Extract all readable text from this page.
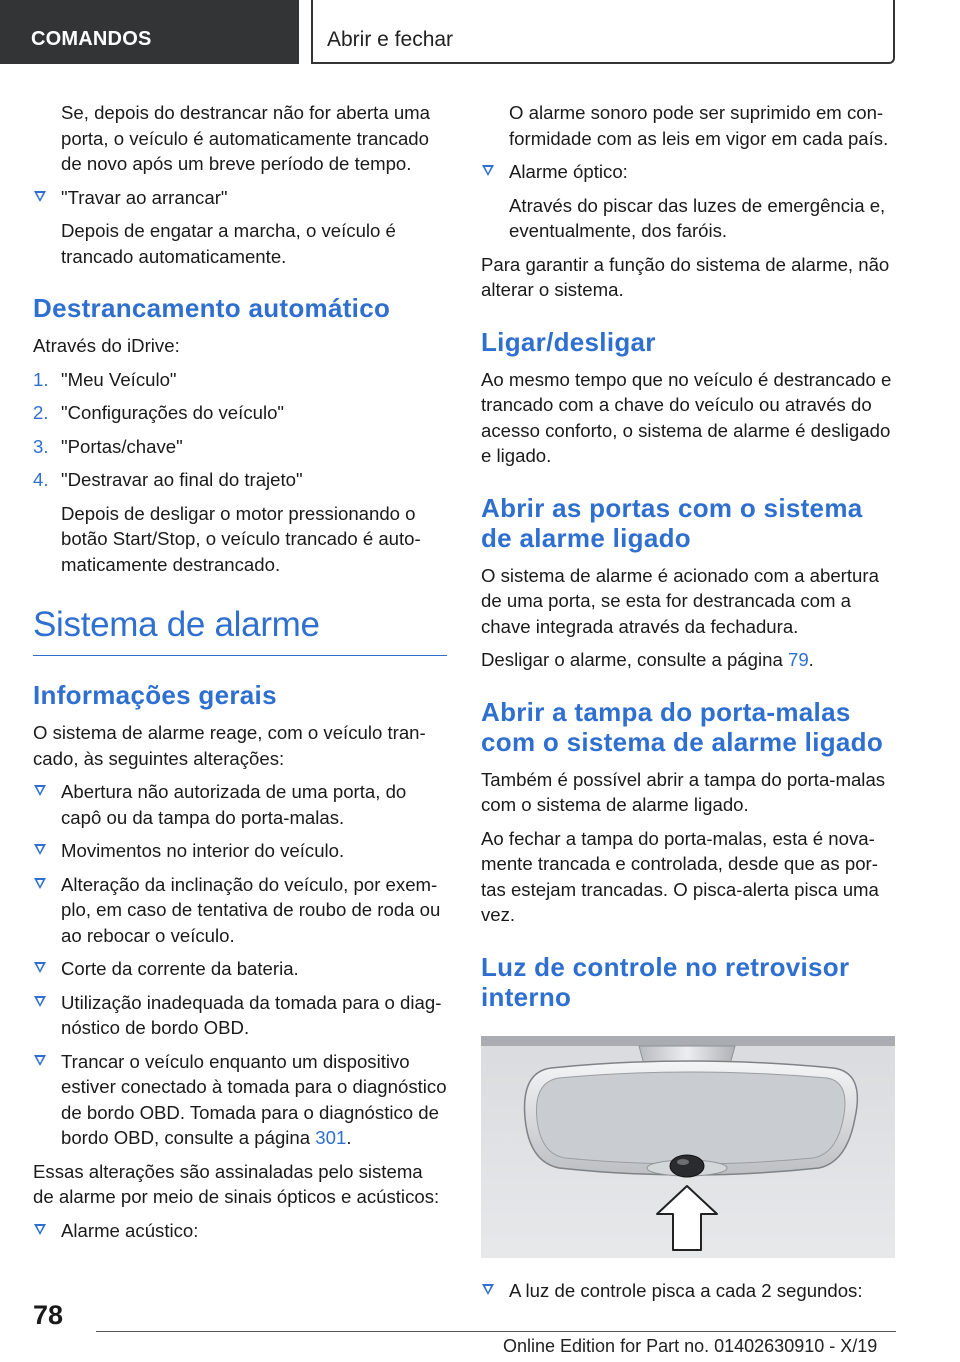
COMANDOS	Abrir e fechar

Se, depois do destrancar não for aberta uma porta, o veículo é automaticamente trancado de novo após um breve período de tempo.

"Travar ao arrancar"

Depois de engatar a marcha, o veículo é trancado automaticamente.

Destrancamento automático

Através do iDrive:

1. "Meu Veículo"
2. "Configurações do veículo"
3. "Portas/chave"
4. "Destravar ao final do trajeto"

Depois de desligar o motor pressionando o botão Start/Stop, o veículo trancado é automaticamente destrancado.

Sistema de alarme
Informações gerais

O sistema de alarme reage, com o veículo trancado, às seguintes alterações:

Abertura não autorizada de uma porta, do capô ou da tampa do porta-malas.
Movimentos no interior do veículo.
Alteração da inclinação do veículo, por exemplo, em caso de tentativa de roubo de roda ou ao rebocar o veículo.
Corte da corrente da bateria.
Utilização inadequada da tomada para o diagnóstico de bordo OBD.
Trancar o veículo enquanto um dispositivo estiver conectado à tomada para o diagnóstico de bordo OBD. Tomada para o diagnóstico de bordo OBD, consulte a página 301.

Essas alterações são assinaladas pelo sistema de alarme por meio de sinais ópticos e acústicos:

Alarme acústico:

O alarme sonoro pode ser suprimido em conformidade com as leis em vigor em cada país.

Alarme óptico:

Através do piscar das luzes de emergência e, eventualmente, dos faróis.

Para garantir a função do sistema de alarme, não alterar o sistema.

Ligar/desligar

Ao mesmo tempo que no veículo é destrancado e trancado com a chave do veículo ou através do acesso conforto, o sistema de alarme é desligado e ligado.

Abrir as portas com o sistema de alarme ligado

O sistema de alarme é acionado com a abertura de uma porta, se esta for destrancada com a chave integrada através da fechadura.

Desligar o alarme, consulte a página 79.

Abrir a tampa do porta-malas com o sistema de alarme ligado

Também é possível abrir a tampa do porta-malas com o sistema de alarme ligado.

Ao fechar a tampa do porta-malas, esta é novamente trancada e controlada, desde que as portas estejam trancadas. O pisca-alerta pisca uma vez.

Luz de controle no retrovisor interno
A luz de controle pisca a cada 2 segundos:
78
Online Edition for Part no. 01402630910 - X/19
